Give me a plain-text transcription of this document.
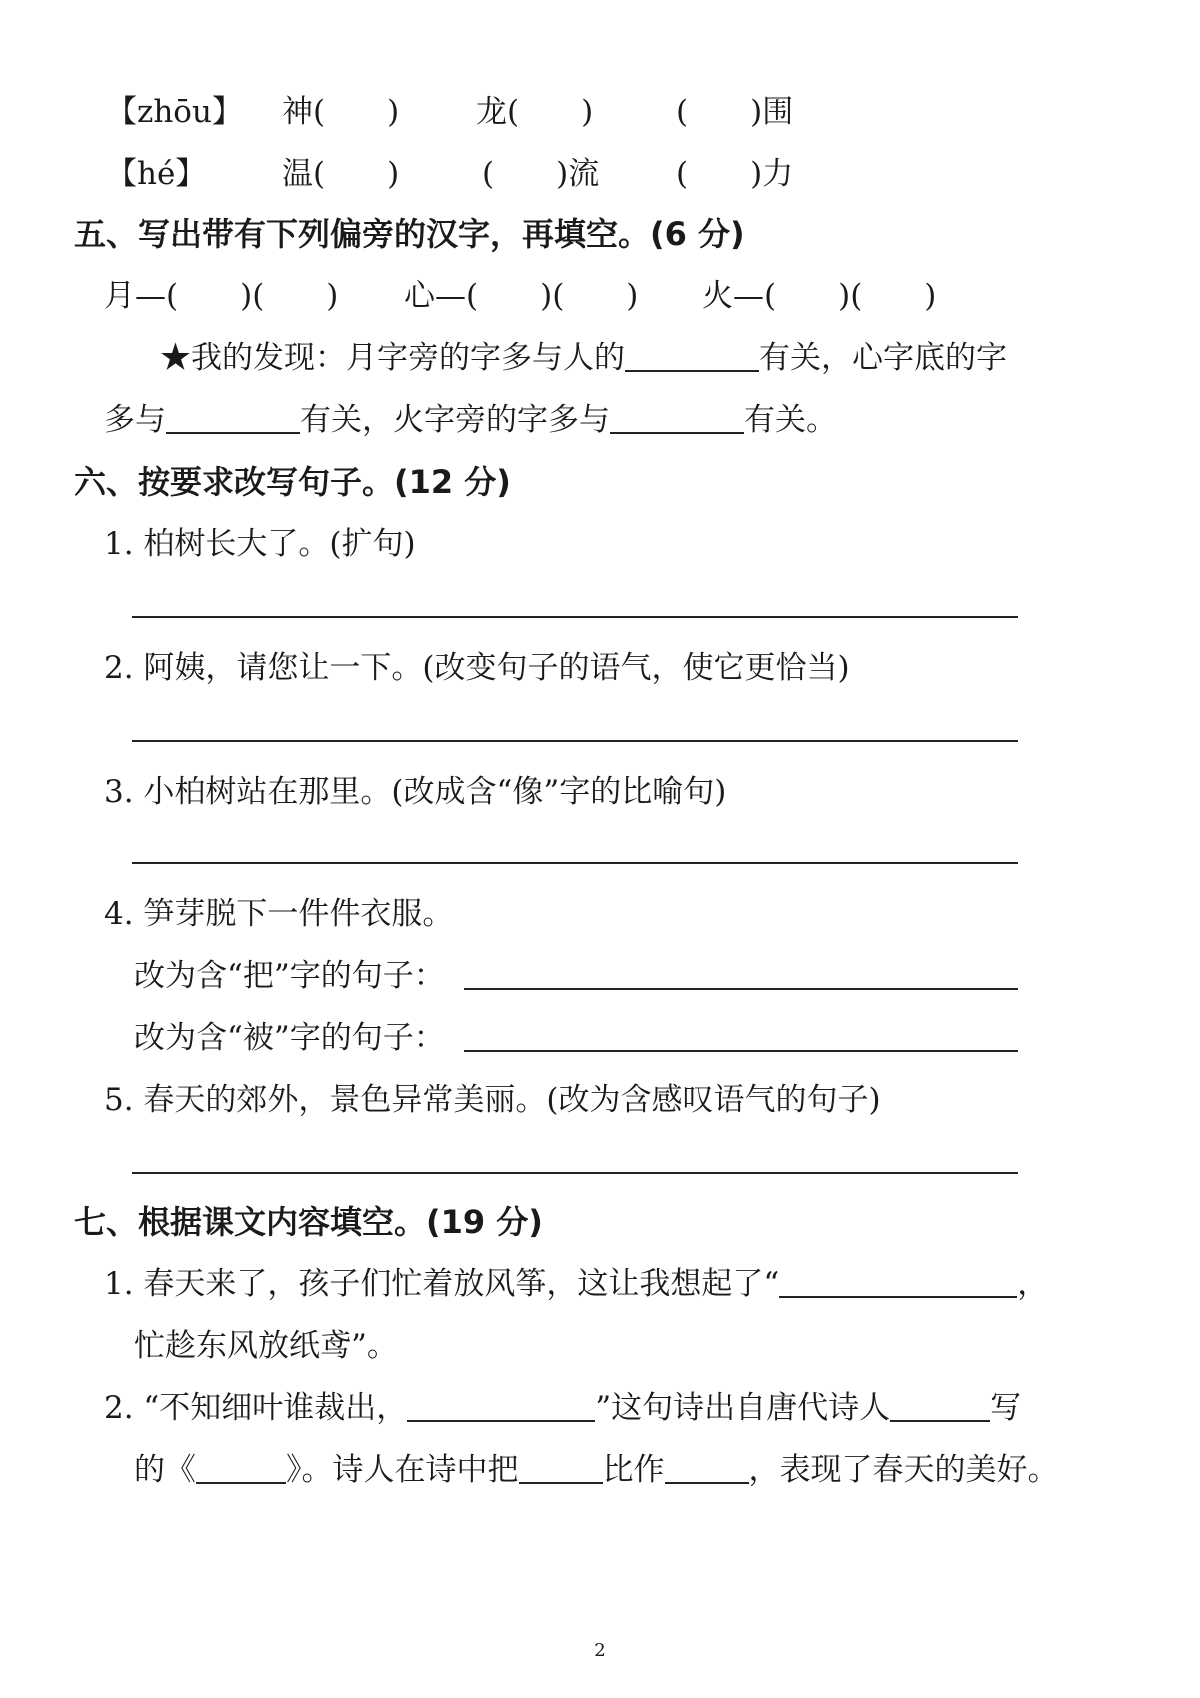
【zhōu】 神(　　) 龙(　　)	(　　)围
【hé】 温(　　)	(　　)流 (　　)力
五、写出带有下列偏旁的汉字，再填空。(6 分)
月—(　　)(　　) 心—(　　)(　　) 火—(　　)(　　)
★我的发现：月字旁的字多与人的	有关，心字底的字
多与	有关，火字旁的字多与	有关。
六、按要求改写句子。(12 分)
1. 柏树长大了。(扩句)
2. 阿姨，请您让一下。(改变句子的语气，使它更恰当)
3. 小柏树站在那里。(改成含“像”字的比喻句)
4. 笋芽脱下一件件衣服。
改为含“把”字的句子：
改为含“被”字的句子：
5. 春天的郊外，景色异常美丽。(改为含感叹语气的句子)
七、根据课文内容填空。(19 分)
1. 春天来了，孩子们忙着放风筝，这让我想起了“	，
忙趁东风放纸鸢”。
2. “不知细叶谁裁出，	”这句诗出自唐代诗人	写
的《	》。诗人在诗中把	比作	，表现了春天的美好。
2
